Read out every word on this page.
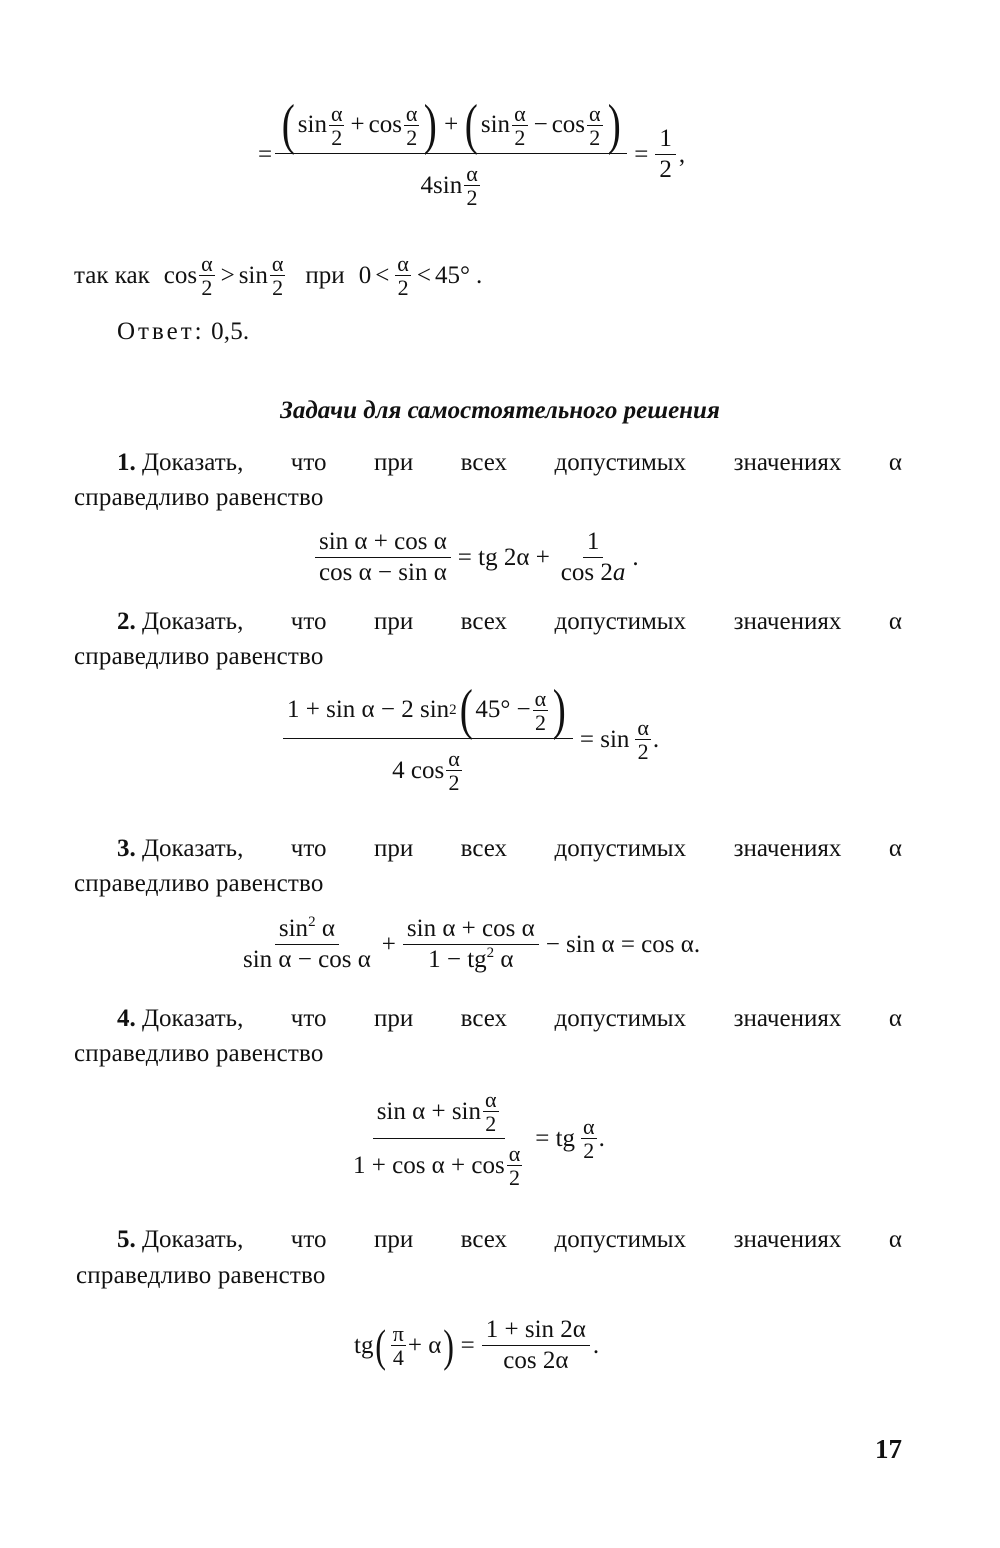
= ( $\sin \frac{\alpha}{2} + \cos \frac{\alpha}{2}$ ) + ( $\sin \frac{\alpha}{2} - \cos \frac{\alpha}{2}$ )
4 $\sin \frac{\alpha}{2}$
= $\frac{1}{2}$ ,
так как $\cos \frac{\alpha}{2} > \sin \frac{\alpha}{2}$ при $0 < \frac{\alpha}{2} < 45^\circ$ .
Ответ: 0,5.
Задачи для самостоятельного решения
1. Доказать, что при всех допустимых значениях α
справедливо равенство
$\frac{\text{sin α + cos α}}{\text{cos α − sin α}}$ = tg $2\alpha + \frac{1}{\cos 2a}$ .
2. Доказать, что при всех допустимых значениях α
справедливо равенство
1 + sin α − 2 sin 2 ( $45^\circ - \frac{\alpha}{2}$ )
4 $\cos \frac{\alpha}{2}$
= $\sin \frac{\alpha}{2}$ .
3. Доказать, что при всех допустимых значениях α
справедливо равенство
$\frac{\sin^2 \alpha}{\text{sin α − cos α}} + \frac{\text{sin α + cos α}}{1 - tg^2 \alpha} - \sin \alpha = \cos \alpha$.
4. Доказать, что при всех допустимых значениях α
справедливо равенство
$\frac{\sin \alpha + \sin \frac{\alpha}{2}}{1 + \cos \alpha + \cos \frac{\alpha}{2}}$ = tg $\frac{\alpha}{2}$ .
5. Доказать, что при всех допустимых значениях α
справедливо равенство
tg ( $\frac{\pi}{4} + \alpha$ ) = $\frac{1 + \sin 2\alpha}{\cos 2\alpha}$ .
17
